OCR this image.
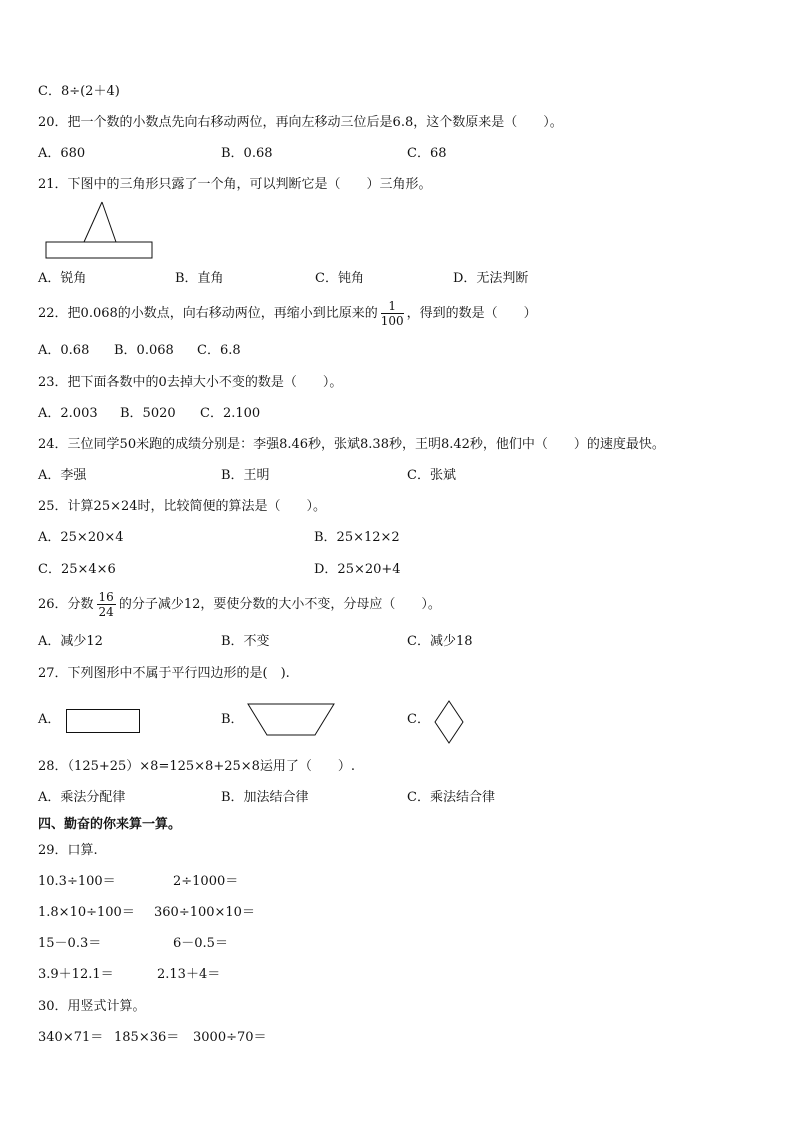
C．8÷(2＋4)
20．把一个数的小数点先向右移动两位，再向左移动三位后是6.8，这个数原来是（　　）。
A．680	B．0.68	C．68
21．下图中的三角形只露了一个角，可以判断它是（　　）三角形。
A．锐角	B．直角	C．钝角	D．无法判断
22．把0.068的小数点，向右移动两位，再缩小到比原来的 $\frac{1}{100}$ ，得到的数是（　　）
A．0.68 B．0.068 C．6.8
23．把下面各数中的0去掉大小不变的数是（　　）。
A．2.003 B．5020 C．2.100
24．三位同学50米跑的成绩分别是：李强8.46秒，张斌8.38秒，王明8.42秒，他们中（　　）的速度最快。
A．李强	B．王明	C．张斌
25．计算25×24时，比较简便的算法是（　　）。
A．25×20×4	B．25×12×2
C．25×4×6	D．25×20+4
26．分数 $\frac{16}{24}$ 的分子减少12，要使分数的大小不变，分母应（　　）。
A．减少12	B．不变	C．减少18
27．下列图形中不属于平行四边形的是(　).
A．	B．	C．
28．（125+25）×8=125×8+25×8运用了（　　）.
A．乘法分配律	B．加法结合律	C．乘法结合律
四、勤奋的你来算一算。
29．口算.
10.3÷100＝	2÷1000＝
1.8×10÷100＝ 360÷100×10＝
15－0.3＝	6－0.5＝
3.9＋12.1＝	2.13＋4＝
30．用竖式计算。
340×71＝ 185×36＝ 3000÷70＝
